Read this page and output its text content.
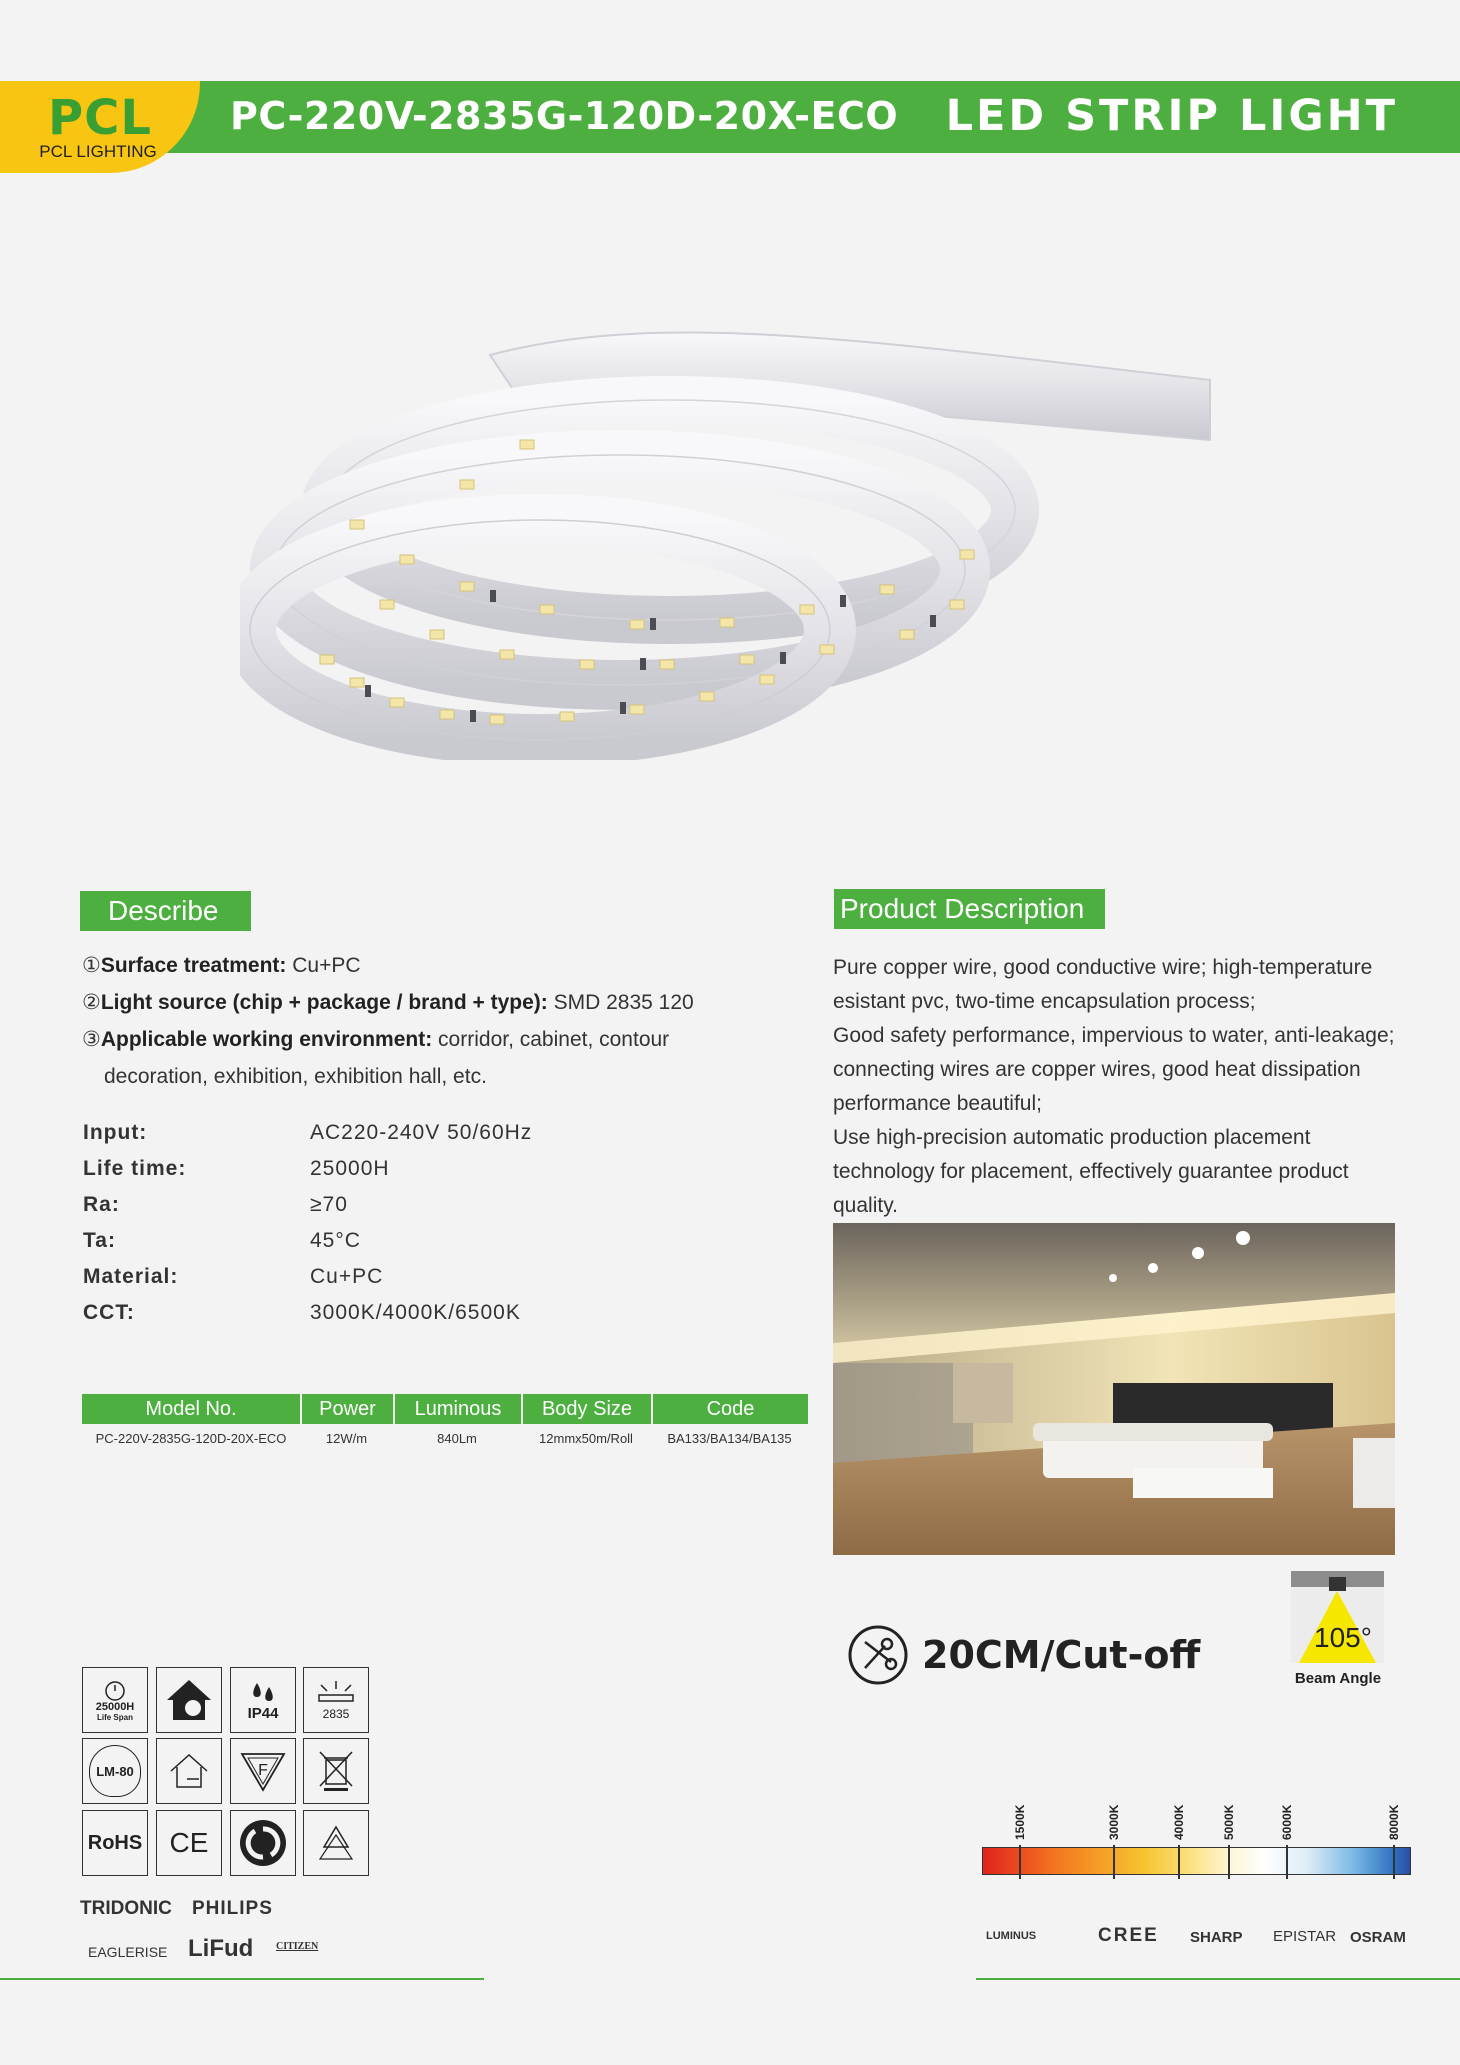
PCL
PCL LIGHTING
PC-220V-2835G-120D-20X-ECO LED STRIP LIGHT
Describe
①Surface treatment: Cu+PC
②Light source (chip + package / brand + type): SMD 2835 120
③Applicable working environment: corridor, cabinet, contour
decoration, exhibition, exhibition hall, etc.
Input:	AC220-240V 50/60Hz
Life time:	25000H
Ra:	≥70
Ta:	45°C
Material:	Cu+PC
CCT:	3000K/4000K/6500K
Model No.	Power	Luminous	Body Size	Code
PC-220V-2835G-120D-20X-ECO	12W/m	840Lm	12mmx50m/Roll	BA133/BA134/BA135
Product Description
Pure copper wire, good conductive wire; high-temperature
esistant pvc, two-time encapsulation process;
Good safety performance, impervious to water, anti-leakage;
connecting wires are copper wires, good heat dissipation
performance beautiful;
Use high-precision automatic production placement
technology for placement, effectively guarantee product
quality.
20CM/Cut-off	105°
Beam Angle
25000H
Life Span	IP44	2835
LM-80	F
RoHS CE
TRIDONIC PHILIPS
EAGLERISE LiFud CITIZEN
LUMINUS	CREE SHARP EPISTAR OSRAM
1500K	3000K	4000K	5000K	6000K	8000K
